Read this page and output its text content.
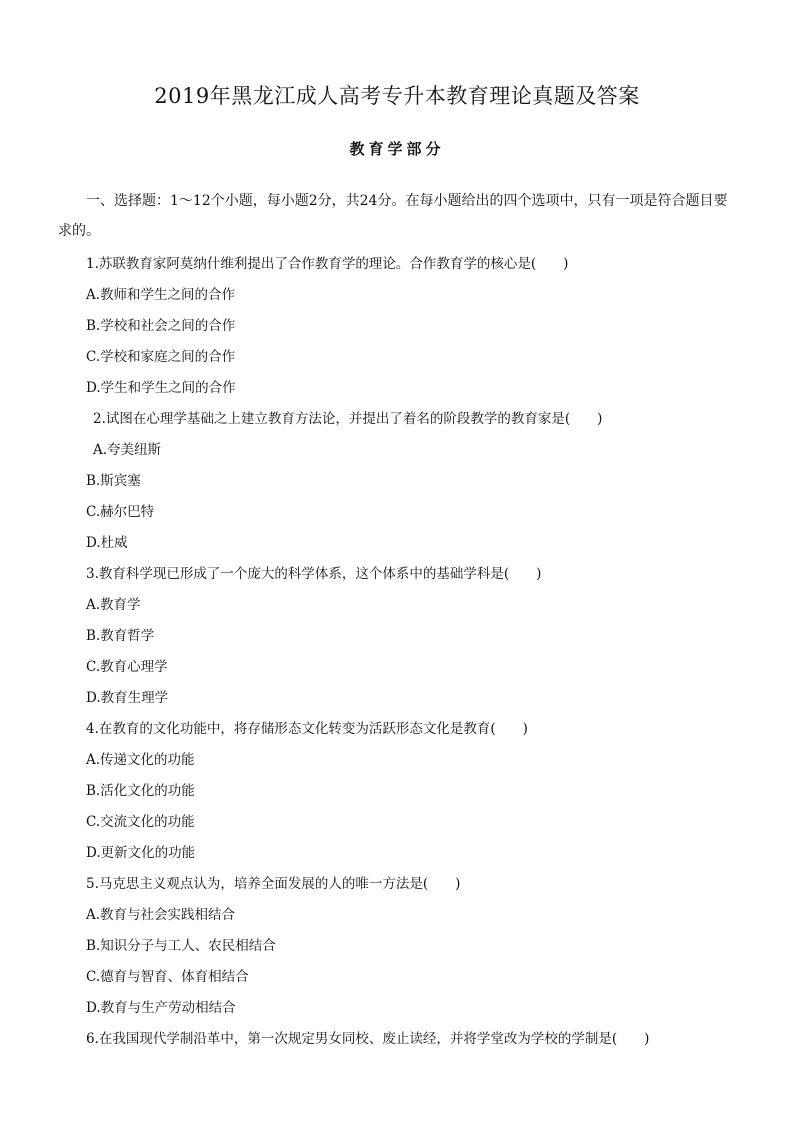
2019年黑龙江成人高考专升本教育理论真题及答案
教育学部分
一、选择题：1～12个小题，每小题2分，共24分。在每小题给出的四个选项中，只有一项是符合题目要求的。
1.苏联教育家阿莫纳什维利提出了合作教育学的理论。合作教育学的核心是(　　)
A.教师和学生之间的合作
B.学校和社会之间的合作
C.学校和家庭之间的合作
D.学生和学生之间的合作
2.试图在心理学基础之上建立教育方法论，并提出了着名的阶段教学的教育家是(　　)
A.夸美纽斯
B.斯宾塞
C.赫尔巴特
D.杜威
3.教育科学现已形成了一个庞大的科学体系，这个体系中的基础学科是(　　)
A.教育学
B.教育哲学
C.教育心理学
D.教育生理学
4.在教育的文化功能中，将存储形态文化转变为活跃形态文化是教育(　　)
A.传递文化的功能
B.活化文化的功能
C.交流文化的功能
D.更新文化的功能
5.马克思主义观点认为，培养全面发展的人的唯一方法是(　　)
A.教育与社会实践相结合
B.知识分子与工人、农民相结合
C.德育与智育、体育相结合
D.教育与生产劳动相结合
6.在我国现代学制沿革中，第一次规定男女同校、废止读经，并将学堂改为学校的学制是(　　)
